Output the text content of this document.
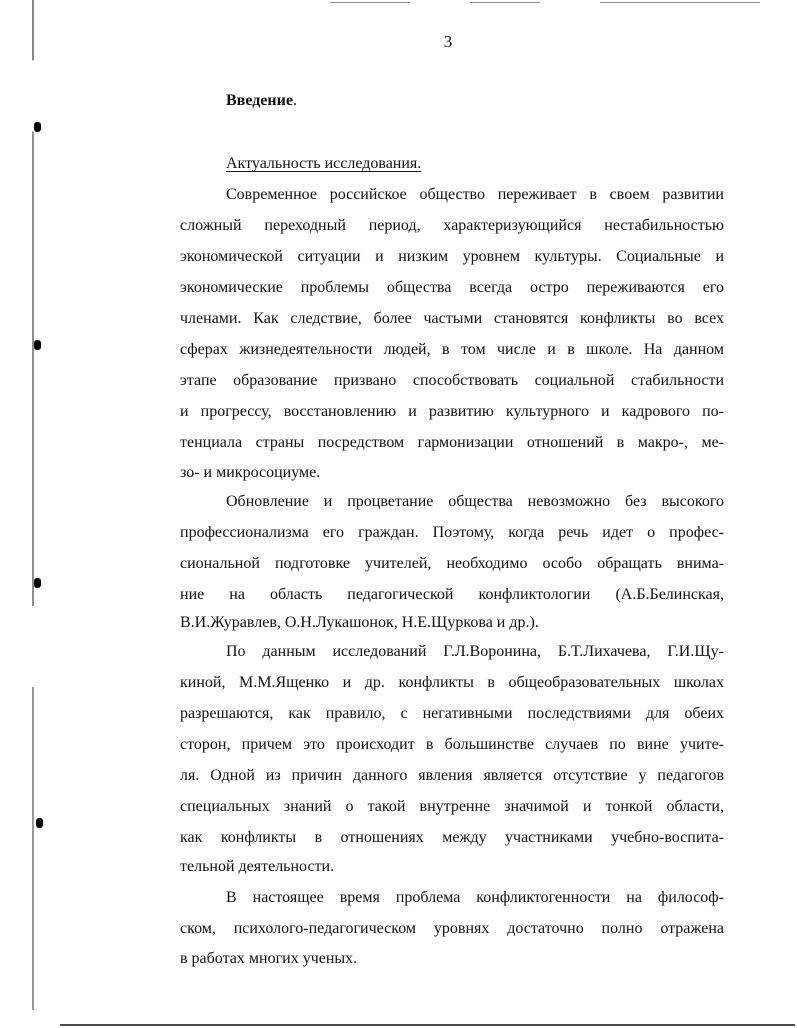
3
Введение.
Актуальность исследования.
Современное российское общество переживает в своем развитии
сложный переходный период, характеризующийся нестабильностью
экономической ситуации и низким уровнем культуры. Социальные и
экономические проблемы общества всегда остро переживаются его
членами. Как следствие, более частыми становятся конфликты во всех
сферах жизнедеятельности людей, в том числе и в школе. На данном
этапе образование призвано способствовать социальной стабильности
и прогрессу, восстановлению и развитию культурного и кадрового по-
тенциала страны посредством гармонизации отношений в макро-, ме-
зо- и микросоциуме.
Обновление и процветание общества невозможно без высокого
профессионализма его граждан. Поэтому, когда речь идет о профес-
сиональной подготовке учителей, необходимо особо обращать внима-
ние на область педагогической конфликтологии (А.Б.Белинская,
В.И.Журавлев, О.Н.Лукашонок, Н.Е.Щуркова и др.).
По данным исследований Г.Л.Воронина, Б.Т.Лихачева, Г.И.Щу-
киной, М.М.Ященко и др. конфликты в общеобразовательных школах
разрешаются, как правило, с негативными последствиями для обеих
сторон, причем это происходит в большинстве случаев по вине учите-
ля. Одной из причин данного явления является отсутствие у педагогов
специальных знаний о такой внутренне значимой и тонкой области,
как конфликты в отношениях между участниками учебно-воспита-
тельной деятельности.
В настоящее время проблема конфликтогенности на философ-
ском, психолого-педагогическом уровнях достаточно полно отражена
в работах многих ученых.
